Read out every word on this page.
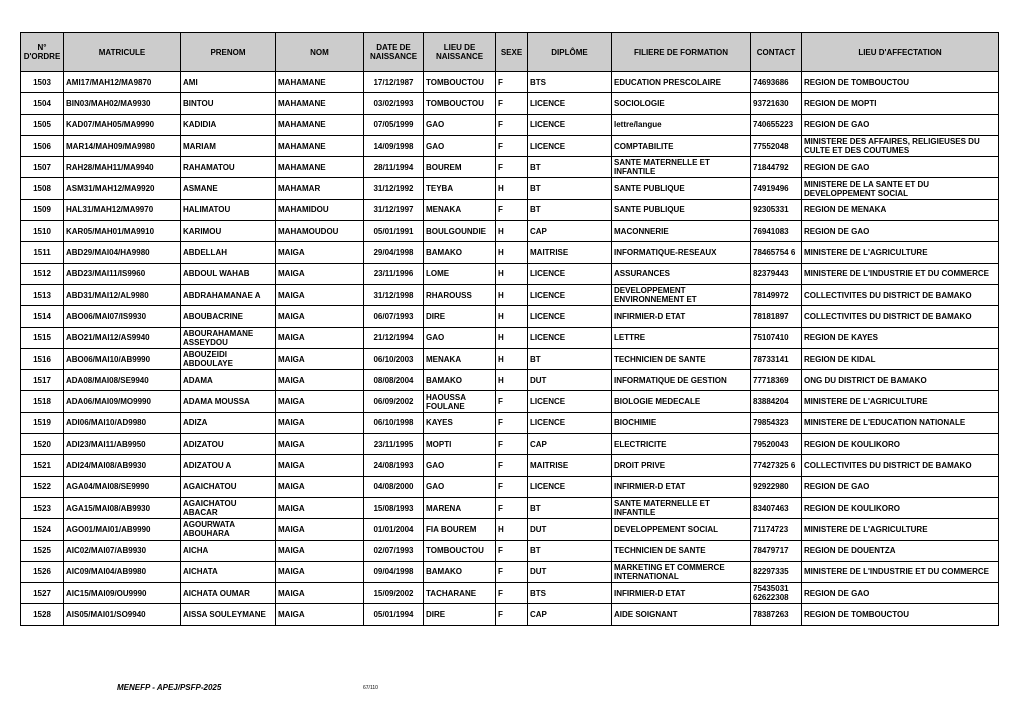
N° D'ORDRE	MATRICULE	PRENOM	NOM	DATE DE NAISSANCE	LIEU DE NAISSANCE	SEXE	DIPLÔME	FILIERE DE FORMATION	CONTACT	LIEU D'AFFECTATION
1503	AMI17/MAH12/MA9870	AMI	MAHAMANE	17/12/1987	TOMBOUCTOU	F	BTS	EDUCATION PRESCOLAIRE	74693686	REGION DE TOMBOUCTOU
1504	BIN03/MAH02/MA9930	BINTOU	MAHAMANE	03/02/1993	TOMBOUCTOU	F	LICENCE	SOCIOLOGIE	93721630	REGION DE MOPTI
1505	KAD07/MAH05/MA9990	KADIDIA	MAHAMANE	07/05/1999	GAO	F	LICENCE	lettre/langue	740655223	REGION DE GAO
1506	MAR14/MAH09/MA9980	MARIAM	MAHAMANE	14/09/1998	GAO	F	LICENCE	COMPTABILITE	77552048	MINISTERE DES AFFAIRES, RELIGIEUSES DU CULTE ET DES COUTUMES
1507	RAH28/MAH11/MA9940	RAHAMATOU	MAHAMANE	28/11/1994	BOUREM	F	BT	SANTE MATERNELLE ET INFANTILE	71844792	REGION DE GAO
1508	ASM31/MAH12/MA9920	ASMANE	MAHAMAR	31/12/1992	TEYBA	H	BT	SANTE PUBLIQUE	74919496	MINISTERE DE LA SANTE ET DU DEVELOPPEMENT SOCIAL
1509	HAL31/MAH12/MA9970	HALIMATOU	MAHAMIDOU	31/12/1997	MENAKA	F	BT	SANTE PUBLIQUE	92305331	REGION DE MENAKA
1510	KAR05/MAH01/MA9910	KARIMOU	MAHAMOUDOU	05/01/1991	BOULGOUNDIE	H	CAP	MACONNERIE	76941083	REGION DE GAO
1511	ABD29/MAI04/HA9980	ABDELLAH	MAIGA	29/04/1998	BAMAKO	H	MAITRISE	INFORMATIQUE-RESEAUX	78465754 6	MINISTERE DE L'AGRICULTURE
1512	ABD23/MAI11/IS9960	ABDOUL WAHAB	MAIGA	23/11/1996	LOME	H	LICENCE	ASSURANCES	82379443	MINISTERE DE L'INDUSTRIE ET DU COMMERCE
1513	ABD31/MAI12/AL9980	ABDRAHAMANAE A	MAIGA	31/12/1998	RHAROUSS	H	LICENCE	DEVELOPPEMENT ENVIRONNEMENT ET	78149972	COLLECTIVITES DU DISTRICT DE BAMAKO
1514	ABO06/MAI07/IS9930	ABOUBACRINE	MAIGA	06/07/1993	DIRE	H	LICENCE	INFIRMIER-D ETAT	78181897	COLLECTIVITES DU DISTRICT DE BAMAKO
1515	ABO21/MAI12/AS9940	ABOURAHAMANE ASSEYDOU	MAIGA	21/12/1994	GAO	H	LICENCE	LETTRE	75107410	REGION DE KAYES
1516	ABO06/MAI10/AB9990	ABOUZEIDI ABDOULAYE	MAIGA	06/10/2003	MENAKA	H	BT	TECHNICIEN DE SANTE	78733141	REGION DE KIDAL
1517	ADA08/MAI08/SE9940	ADAMA	MAIGA	08/08/2004	BAMAKO	H	DUT	INFORMATIQUE DE GESTION	77718369	ONG DU DISTRICT DE BAMAKO
1518	ADA06/MAI09/MO9990	ADAMA MOUSSA	MAIGA	06/09/2002	HAOUSSA FOULANE	F	LICENCE	BIOLOGIE MEDECALE	83884204	MINISTERE DE L'AGRICULTURE
1519	ADI06/MAI10/AD9980	ADIZA	MAIGA	06/10/1998	KAYES	F	LICENCE	BIOCHIMIE	79854323	MINISTERE DE L'EDUCATION NATIONALE
1520	ADI23/MAI11/AB9950	ADIZATOU	MAIGA	23/11/1995	MOPTI	F	CAP	ELECTRICITE	79520043	REGION DE KOULIKORO
1521	ADI24/MAI08/AB9930	ADIZATOU A	MAIGA	24/08/1993	GAO	F	MAITRISE	DROIT PRIVE	77427325 6	COLLECTIVITES DU DISTRICT DE BAMAKO
1522	AGA04/MAI08/SE9990	AGAICHATOU	MAIGA	04/08/2000	GAO	F	LICENCE	INFIRMIER-D ETAT	92922980	REGION DE GAO
1523	AGA15/MAI08/AB9930	AGAICHATOU ABACAR	MAIGA	15/08/1993	MARENA	F	BT	SANTE MATERNELLE ET INFANTILE	83407463	REGION DE KOULIKORO
1524	AGO01/MAI01/AB9990	AGOURWATA ABOUHARA	MAIGA	01/01/2004	FIA BOUREM	H	DUT	DEVELOPPEMENT SOCIAL	71174723	MINISTERE DE L'AGRICULTURE
1525	AIC02/MAI07/AB9930	AICHA	MAIGA	02/07/1993	TOMBOUCTOU	F	BT	TECHNICIEN DE SANTE	78479717	REGION DE DOUENTZA
1526	AIC09/MAI04/AB9980	AICHATA	MAIGA	09/04/1998	BAMAKO	F	DUT	MARKETING ET COMMERCE INTERNATIONAL	82297335	MINISTERE DE L'INDUSTRIE ET DU COMMERCE
1527	AIC15/MAI09/OU9990	AICHATA OUMAR	MAIGA	15/09/2002	TACHARANE	F	BTS	INFIRMIER-D ETAT	75435031 62622308	REGION DE GAO
1528	AIS05/MAI01/SO9940	AISSA SOULEYMANE	MAIGA	05/01/1994	DIRE	F	CAP	AIDE SOIGNANT	78387263	REGION DE TOMBOUCTOU
MENEFP - APEJ/PSFP-2025	67/110
